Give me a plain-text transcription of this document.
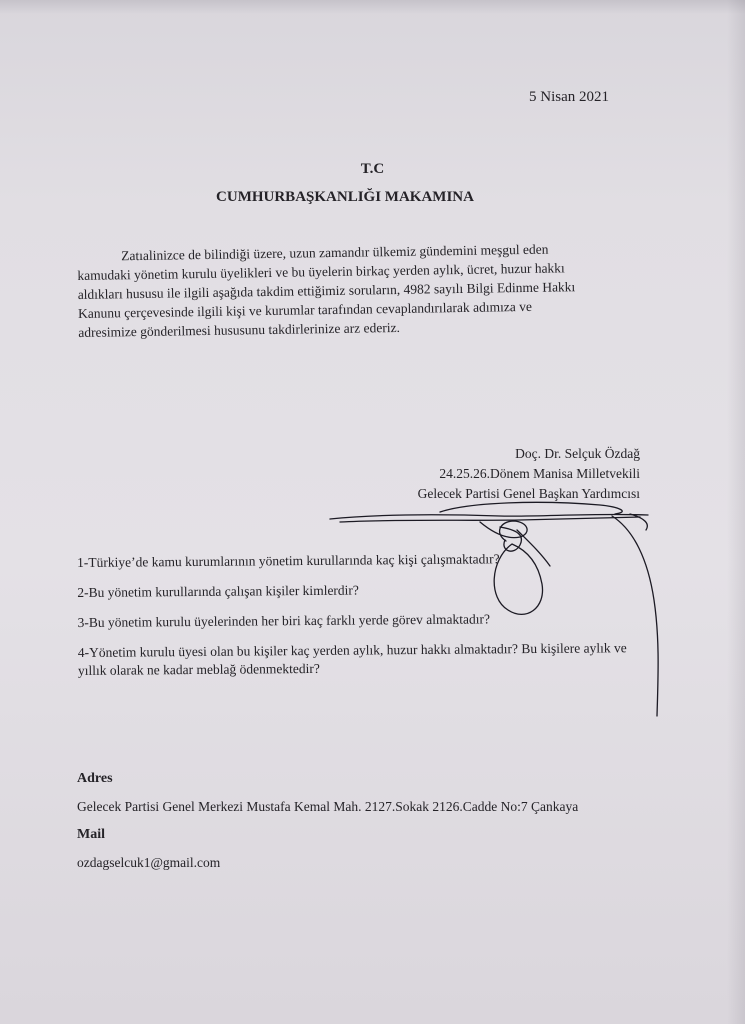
5 Nisan 2021
T.C
CUMHURBAŞKANLIĞI MAKAMINA
Zatıalinizce de bilindiği üzere, uzun zamandır ülkemiz gündemini meşgul eden
kamudaki yönetim kurulu üyelikleri ve bu üyelerin birkaç yerden aylık, ücret, huzur hakkı
aldıkları hususu ile ilgili aşağıda takdim ettiğimiz soruların, 4982 sayılı Bilgi Edinme Hakkı
Kanunu çerçevesinde ilgili kişi ve kurumlar tarafından cevaplandırılarak adımıza ve
adresimize gönderilmesi hususunu takdirlerinize arz ederiz.
Doç. Dr. Selçuk Özdağ
24.25.26.Dönem Manisa Milletvekili
Gelecek Partisi Genel Başkan Yardımcısı
1-Türkiye’de kamu kurumlarının yönetim kurullarında kaç kişi çalışmaktadır?
2-Bu yönetim kurullarında çalışan kişiler kimlerdir?
3-Bu yönetim kurulu üyelerinden her biri kaç farklı yerde görev almaktadır?
4-Yönetim kurulu üyesi olan bu kişiler kaç yerden aylık, huzur hakkı almaktadır? Bu kişilere aylık ve yıllık olarak ne kadar meblağ ödenmektedir?
Adres
Gelecek Partisi Genel Merkezi Mustafa Kemal Mah. 2127.Sokak 2126.Cadde No:7 Çankaya
Mail
ozdagselcuk1@gmail.com
